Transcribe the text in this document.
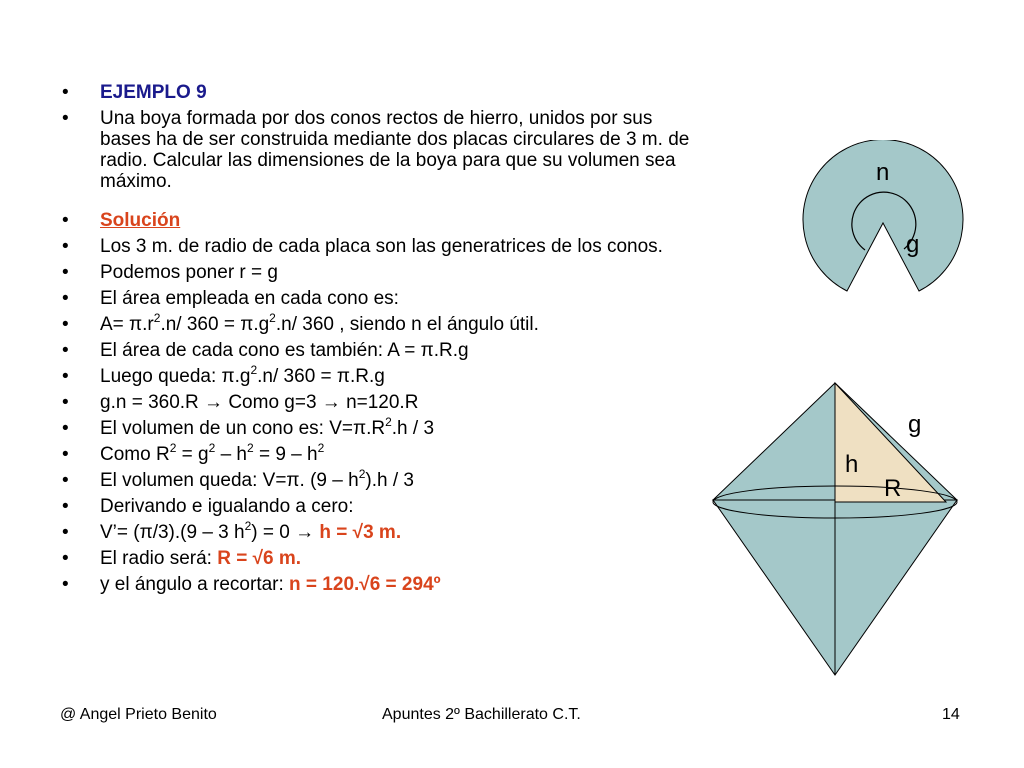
• EJEMPLO 9
• Una boya formada por dos conos rectos de hierro, unidos por sus bases ha de ser construida mediante dos placas circulares de 3 m. de radio. Calcular las dimensiones de la boya para que su volumen sea máximo.
• Solución
• Los 3 m. de radio de cada placa son las generatrices de los conos.
• Podemos poner r = g
• El área empleada en cada cono es:
• $A= \pi.r^2.n/$ $360 = \pi.g^2.n/$ 360 , siendo n el ángulo útil.
• El área de cada cono es también: A = π.R.g
• Luego queda: $\pi.g^2.n/$ 360 = π.R.g
• g.n = 360.R → Como g=3 → n=120.R
• El volumen de un cono es: $V=\pi.R^2.h / 3$
• Como $R^2 = g^2 - h^2 = 9 - h^2$
• El volumen queda: V=π. $(9 - h^2).h / 3$
• Derivando e igualando a cero:
• V’= (π/3).(9 – 3 $h^2) = 0 \to h = √3$ m.
• El radio será: R = √6 m.
• y el ángulo a recortar: n = 120.√6 = 294º
n
g
g
h
R
@ Angel Prieto Benito	Apuntes 2º Bachillerato C.T.	14
